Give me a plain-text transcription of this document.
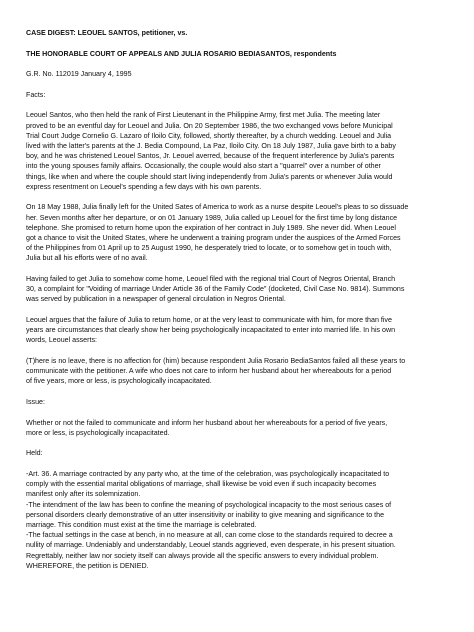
CASE DIGEST: LEOUEL SANTOS, petitioner, vs.
THE HONORABLE COURT OF APPEALS AND JULIA ROSARIO BEDIASANTOS, respondents
G.R. No. 112019 January 4, 1995
Facts:
Leouel Santos, who then held the rank of First Lieutenant in the Philippine Army, first met Julia. The meeting later
proved to be an eventful day for Leouel and Julia. On 20 September 1986, the two exchanged vows before Municipal
Trial Court Judge Cornelio G. Lazaro of Iloilo City, followed, shortly thereafter, by a church wedding. Leouel and Julia
lived with the latter's parents at the J. Bedia Compound, La Paz, Iloilo City. On 18 July 1987, Julia gave birth to a baby
boy, and he was christened Leouel Santos, Jr. Leouel averred, because of the frequent interference by Julia's parents
into the young spouses family affairs. Occasionally, the couple would also start a "quarrel" over a number of other
things, like when and where the couple should start living independently from Julia's parents or whenever Julia would
express resentment on Leouel's spending a few days with his own parents.
On 18 May 1988, Julia finally left for the United Sates of America to work as a nurse despite Leouel's pleas to so dissuade
her. Seven months after her departure, or on 01 January 1989, Julia called up Leouel for the first time by long distance
telephone. She promised to return home upon the expiration of her contract in July 1989. She never did. When Leouel
got a chance to visit the United States, where he underwent a training program under the auspices of the Armed Forces
of the Philippines from 01 April up to 25 August 1990, he desperately tried to locate, or to somehow get in touch with,
Julia but all his efforts were of no avail.
Having failed to get Julia to somehow come home, Leouel filed with the regional trial Court of Negros Oriental, Branch
30, a complaint for "Voiding of marriage Under Article 36 of the Family Code" (docketed, Civil Case No. 9814). Summons
was served by publication in a newspaper of general circulation in Negros Oriental.
Leouel argues that the failure of Julia to return home, or at the very least to communicate with him, for more than five
years are circumstances that clearly show her being psychologically incapacitated to enter into married life. In his own
words, Leouel asserts:
(T)here is no leave, there is no affection for (him) because respondent Julia Rosario BediaSantos failed all these years to
communicate with the petitioner. A wife who does not care to inform her husband about her whereabouts for a period
of five years, more or less, is psychologically incapacitated.
Issue:
Whether or not the failed to communicate and inform her husband about her whereabouts for a period of five years,
more or less, is psychologically incapacitated.
Held:
-Art. 36. A marriage contracted by any party who, at the time of the celebration, was psychologically incapacitated to
comply with the essential marital obligations of marriage, shall likewise be void even if such incapacity becomes
manifest only after its solemnization.
-The intendment of the law has been to confine the meaning of psychological incapacity to the most serious cases of
personal disorders clearly demonstrative of an utter insensitivity or inability to give meaning and significance to the
marriage. This condition must exist at the time the marriage is celebrated.
-The factual settings in the case at bench, in no measure at all, can come close to the standards required to decree a
nullity of marriage. Undeniably and understandably, Leouel stands aggrieved, even desperate, in his present situation.
Regrettably, neither law nor society itself can always provide all the specific answers to every individual problem.
WHEREFORE, the petition is DENIED.
